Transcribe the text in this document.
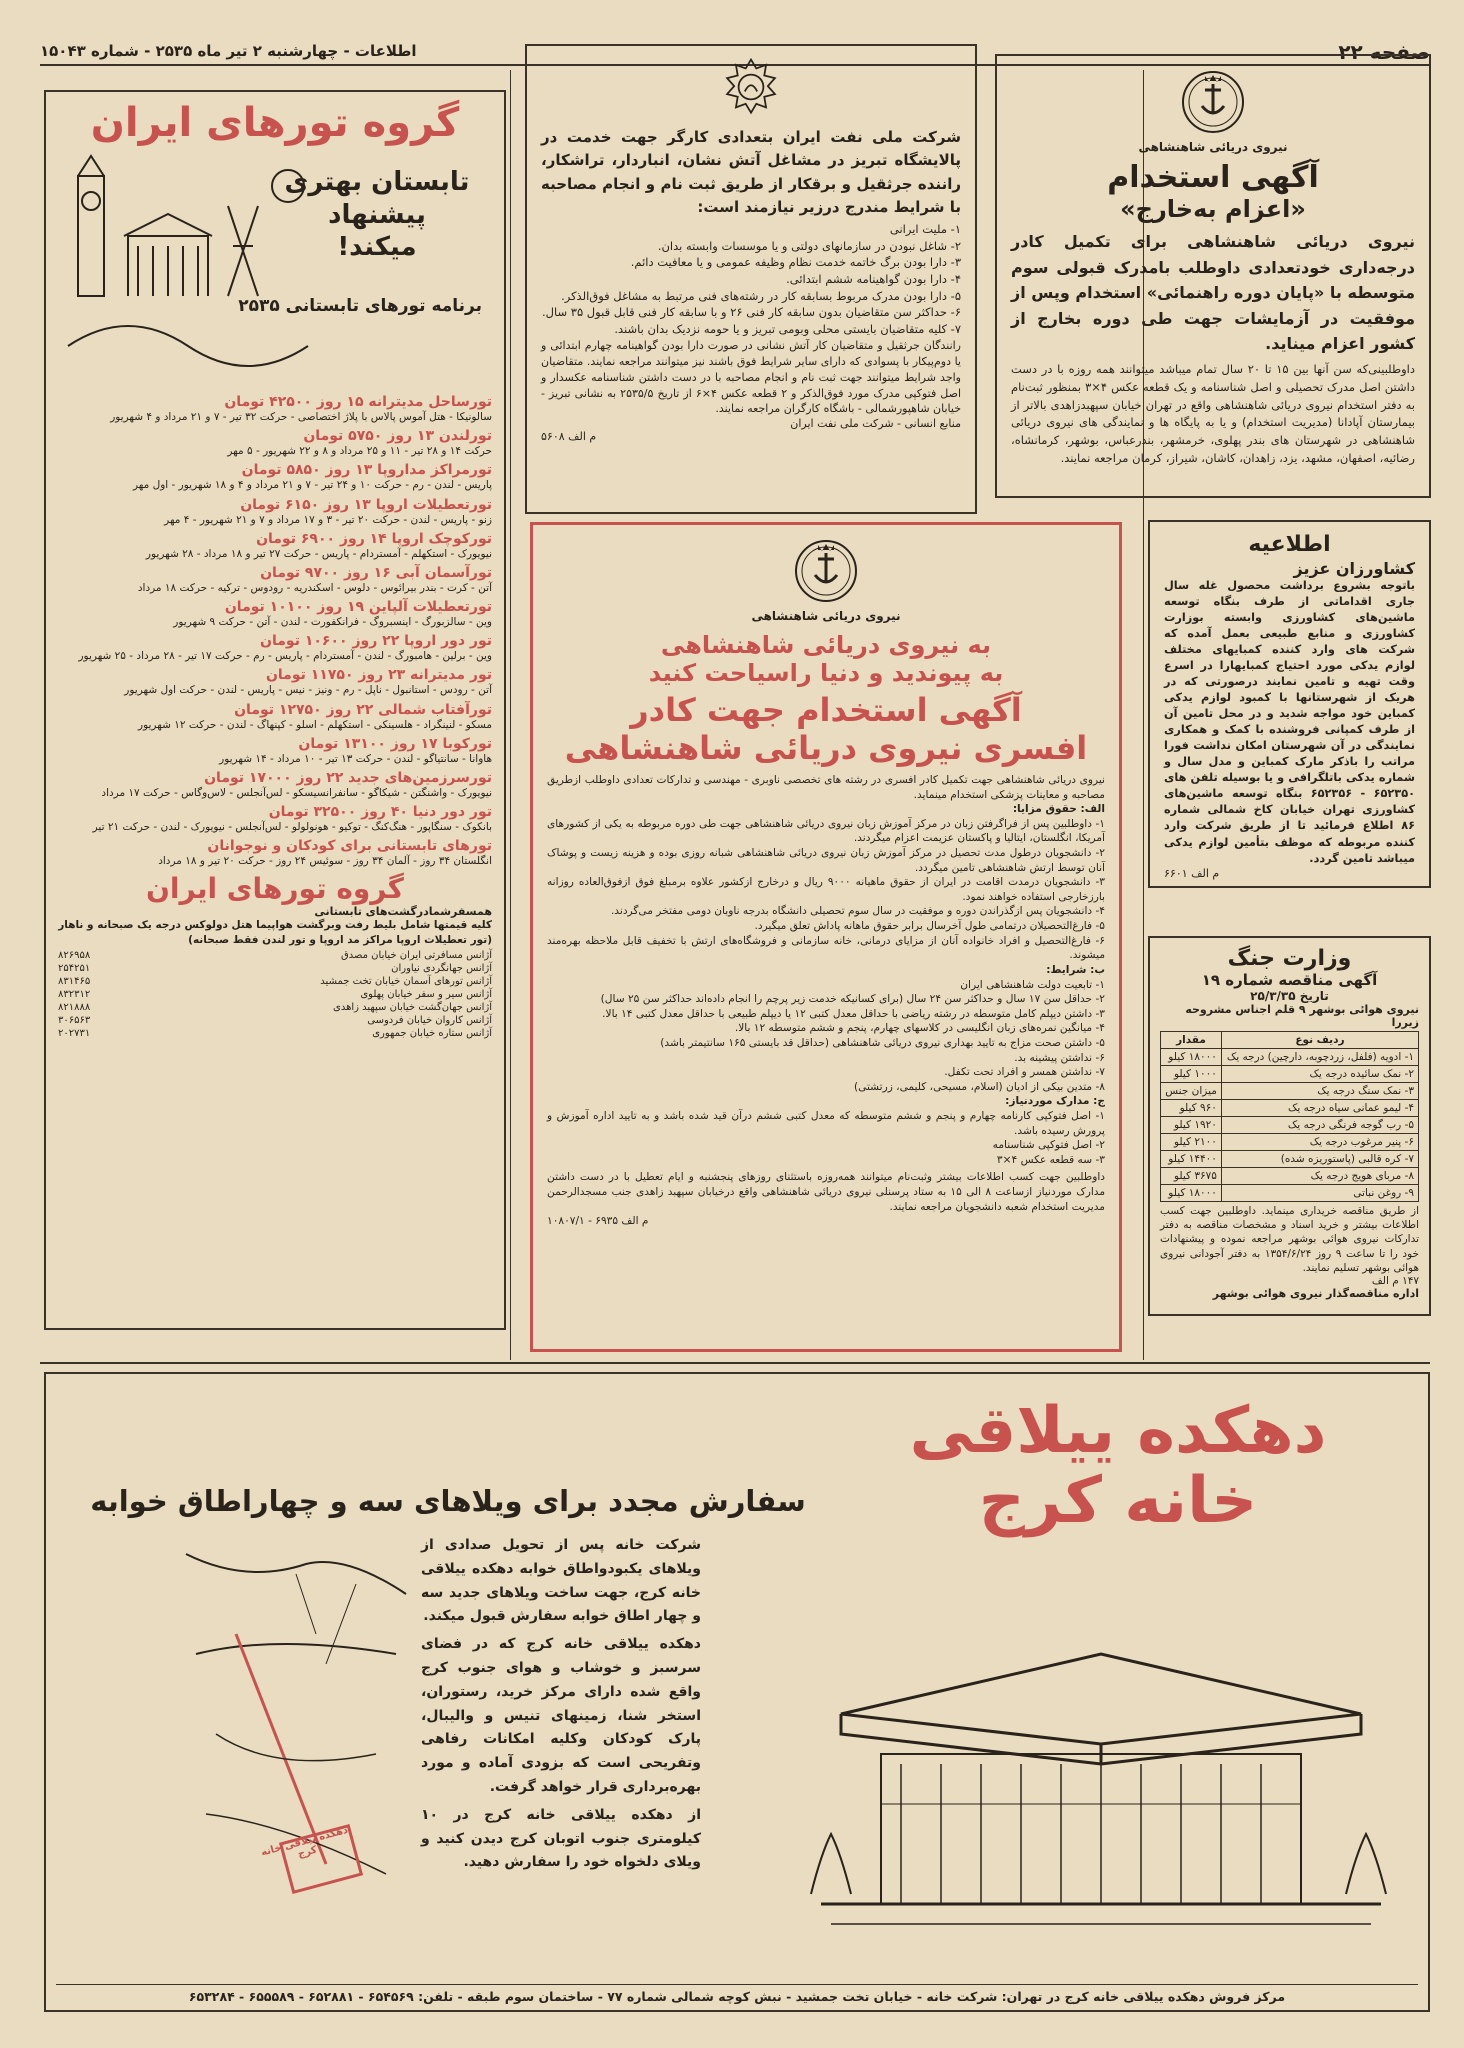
صفحه ۲۲
اطلاعات - چهارشنبه ۲ تیر ماه ۲۵۳۵ - شماره ۱۵۰۴۳

نیروی دریائی شاهنشاهی

آگهی استخدام

«اعزام به‌خارج»

نیروی دریائی شاهنشاهی برای تکمیل کادر درجه‌داری خودتعدادی داوطلب بامدرک قبولی سوم متوسطه با «پایان دوره راهنمائی» استخدام وپس از موفقیت در آزمایشات جهت طی دوره بخارج از کشور اعزام میناید.

داوطلبینی‌که سن آنها بین ۱۵ تا ۲۰ سال تمام میباشد میتوانند همه روزه با در دست داشتن اصل مدرک تحصیلی و اصل شناسنامه و یک قطعه عکس ۴×۳ بمنظور ثبت‌نام به دفتر استخدام نیروی دریائی شاهنشاهی واقع در تهران خیابان سپهبدزاهدی بالاتر از بیمارستان آپادانا (مدیریت استخدام) و یا به پایگاه ها و نمایندگی های نیروی دریائی شاهنشاهی در شهرستان های بندر پهلوی، خرمشهر، بندرعباس، بوشهر، کرمانشاه، رضائیه، اصفهان، مشهد، یزد، زاهدان، کاشان، شیراز، کرمان مراجعه نمایند.

شرکت ملی نفت ایران بتعدادی کارگر جهت خدمت در پالایشگاه تبریز در مشاغل آتش نشان، انباردار، تراشکار، راننده جرثقیل و برقکار از طریق ثبت نام و انجام مصاحبه با شرایط مندرج درزیر نیازمند است:

۱- ملیت ایرانی
۲- شاغل نبودن در سازمانهای دولتی و یا موسسات وابسته بدان.
۳- دارا بودن برگ خاتمه خدمت نظام وظیفه عمومی و یا معافیت دائم.
۴- دارا بودن گواهینامه ششم ابتدائی.
۵- دارا بودن مدرک مربوط بسابقه کار در رشته‌های فنی مرتبط به مشاغل فوق‌الذکر.
۶- حداکثر سن متقاضیان بدون سابقه کار فنی ۲۶ و با سابقه کار فنی قابل قبول ۳۵ سال.
۷- کلیه متقاضیان بایستی محلی وبومی تبریز و یا حومه نزدیک بدان باشند.

رانندگان جرثقیل و متقاضیان کار آتش نشانی در صورت دارا بودن گواهینامه چهارم ابتدائی و یا دوم‌پیکار با پسوادی که دارای سایر شرایط فوق باشند نیز میتوانند مراجعه نمایند. متقاضیان واجد شرایط میتوانند جهت ثبت نام و انجام مصاحبه با در دست داشتن شناسنامه عکسدار و اصل فتوکپی مدرک مورد فوق‌الذکر و ۲ قطعه عکس ۴×۶ از تاریخ ۲۵۳۵/۵ به نشانی تبریز - خیابان شاهپورشمالی - باشگاه کارگران مراجعه نمایند.

منابع انسانی - شرکت ملی نفت ایران

م الف ۵۶۰۸

اطلاعیه

کشاورزان عزیز

باتوجه بشروع برداشت محصول غله سال جاری اقداماتی از طرف بنگاه توسعه ماشین‌های کشاورزی وابسته بوزارت کشاورزی و منابع طبیعی بعمل آمده که شرکت های وارد کننده کمبایهای مختلف لوازم یدکی مورد احتیاج کمبایهارا در اسرع وقت تهیه و تامین نمایند درصورتی که در هریک از شهرستانها با کمبود لوازم یدکی کمباین خود مواجه شدید و در محل تامین آن از طرف کمپانی فروشنده با کمک و همکاری نمایندگی در آن شهرستان امکان نداشت فورا مراتب را باذکر مارک کمباین و مدل سال و شماره یدکی باتلگرافی و یا بوسیله تلفن های ۶۵۲۳۵۰ - ۶۵۲۳۵۶ بنگاه توسعه ماشین‌های کشاورزی تهران خیابان کاخ شمالی شماره ۸۶ اطلاع فرمائید تا از طریق شرکت وارد کننده مربوطه که موظف بتأمین لوازم یدکی میباشد تامین گردد.

م الف ۶۶۰۱

وزارت جنگ

آگهی مناقصه شماره ۱۹

تاریخ ۲۵/۳/۳۵

نیروی هوائی بوشهر ۹ قلم اجناس مشروحه زیررا

ردیف نوع	مقدار
۱- ادویه (فلفل، زردچوبه، دارچین) درجه یک	۱۸۰۰۰ کیلو
۲- نمک سائیده درجه یک	۱۰۰۰ کیلو
۳- نمک سنگ درجه یک	میزان جنس
۴- لیمو عمانی سیاه درجه یک	۹۶۰ کیلو
۵- رب گوجه فرنگی درجه یک	۱۹۲۰ کیلو
۶- پنیر مرغوب درجه یک	۲۱۰۰ کیلو
۷- کره قالبی (پاستوریزه شده)	۱۴۴۰۰ کیلو
۸- مربای هویج درجه یک	۳۶۷۵ کیلو
۹- روغن نباتی	۱۸۰۰۰ کیلو

از طریق مناقصه خریداری مینماید. داوطلبین جهت کسب اطلاعات بیشتر و خرید اسناد و مشخصات مناقصه به دفتر تدارکات نیروی هوائی بوشهر مراجعه نموده و پیشنهادات خود را تا ساعت ۹ روز ۱۳۵۴/۶/۲۴ به دفتر آجودانی نیروی هوائی بوشهر تسلیم نمایند.

۱۴۷ م الف

اداره مناقصه‌گذار نیروی هوائی بوشهر

نیروی دریائی شاهنشاهی

به نیروی دریائی شاهنشاهی

به پیوندید و دنیا راسیاحت کنید

آگهی استخدام جهت کادر

افسری نیروی دریائی شاهنشاهی

نیروی دریائی شاهنشاهی جهت تکمیل کادر افسری در رشته های تخصصی ناوبری - مهندسی و تدارکات تعدادی داوطلب ازطریق مصاحبه و معاینات پزشکی استخدام مینماید.

الف: حقوق مزایا:

۱- داوطلبین پس از فراگرفتن زبان در مرکز آموزش زبان نیروی دریائی شاهنشاهی جهت طی دوره مربوطه به یکی از کشورهای آمریکا، انگلستان، ایتالیا و پاکستان عزیمت اعزام میگردند.

۲- دانشجویان درطول مدت تحصیل در مرکز آموزش زبان نیروی دریائی شاهنشاهی شبانه روزی بوده و هزینه زیست و پوشاک آنان توسط ارتش شاهنشاهی تامین میگردد.

۳- دانشجویان درمدت اقامت در ایران از حقوق ماهیانه ۹۰۰۰ ریال و درخارج ازکشور علاوه برمبلغ فوق ازفوق‌العاده روزانه بارزخارجی استفاده خواهند نمود.

۴- دانشجویان پس ازگذراندن دوره و موفقیت در سال سوم تحصیلی دانشگاه بدرجه ناوبان دومی مفتخر می‌گردند.

۵- فارغ‌التحصیلان درتمامی طول آخرسال برابر حقوق ماهانه پاداش تعلق میگیرد.

۶- فارغ‌التحصیل و افراد خانواده آنان از مزایای درمانی، خانه سازمانی و فروشگاه‌های ارتش با تخفیف قابل ملاحظه بهره‌مند میشوند.

ب: شرایط:

۱- تابعیت دولت شاهنشاهی ایران

۲- حداقل سن ۱۷ سال و حداکثر سن ۲۴ سال (برای کسانیکه خدمت زیر پرچم را انجام داده‌اند حداکثر سن ۲۵ سال)

۳- داشتن دیپلم کامل متوسطه در رشته ریاضی با حداقل معدل کتبی ۱۲ یا دیپلم طبیعی با حداقل معدل کتبی ۱۴ بالا.

۴- میانگین نمره‌های زبان انگلیسی در کلاسهای چهارم، پنجم و ششم متوسطه ۱۲ بالا.

۵- داشتن صحت مزاج به تایید بهداری نیروی دریائی شاهنشاهی (حداقل قد بایستی ۱۶۵ سانتیمتر باشد)

۶- نداشتن پیشینه بد.

۷- نداشتن همسر و افراد تحت تکفل.

۸- متدین بیکی از ادیان (اسلام، مسیحی، کلیمی، زرتشتی)

ج: مدارک موردنیاز:

۱- اصل فتوکپی کارنامه چهارم و پنجم و ششم متوسطه که معدل کتبی ششم درآن قید شده باشد و به تایید اداره آموزش و پرورش رسیده باشد.

۲- اصل فتوکپی شناسنامه

۳- سه قطعه عکس ۴×۳

داوطلبین جهت کسب اطلاعات بیشتر وثبت‌نام میتوانند همه‌روزه باستثنای روزهای پنجشنبه و ایام تعطیل با در دست داشتن مدارک موردنیاز ازساعت ۸ الی ۱۵ به ستاد پرسنلی نیروی دریائی شاهنشاهی واقع درخیابان سپهبد زاهدی جنب مسجدالرحمن مدیریت استخدام شعبه دانشجویان مراجعه نمایند.

م الف ۶۹۳۵ - ۱۰۸۰۷/۱

گروه تورهای ایران

تابستان بهتری پیشنهاد
میکند!

برنامه تورهای تابستانی ۲۵۳۵

تورساحل مدیترانه ۱۵ روز ۴۲۵۰۰ تومان
سالونیکا - هتل آموس پالاس با پلاژ اختصاصی - حرکت ۳۲ تیر - ۷ و ۲۱ مرداد و ۴ شهریور
تورلندن ۱۳ روز ۵۷۵۰ تومان
حرکت ۱۴ و ۲۸ تیر - ۱۱ و ۲۵ مرداد و ۸ و ۲۲ شهریور - ۵ مهر
تورمراکز مداروپا ۱۳ روز ۵۸۵۰ تومان
پاریس - لندن - رم - حرکت ۱۰ و ۲۴ تیر - ۷ و ۲۱ مرداد و ۴ و ۱۸ شهریور - اول مهر
تورتعطیلات اروپا ۱۳ روز ۶۱۵۰ تومان
زنو - پاریس - لندن - حرکت ۲۰ تیر - ۳ و ۱۷ مرداد و ۷ و ۲۱ شهریور - ۴ مهر
تورکوچک اروپا ۱۴ روز ۶۹۰۰ تومان
نیویورک - استکهلم - آمستردام - پاریس - حرکت ۲۷ تیر و ۱۸ مرداد - ۲۸ شهریور
تورآسمان آبی ۱۶ روز ۹۷۰۰ تومان
آتن - کرت - بندر بیرائوس - دلوس - اسکندریه - رودوس - ترکیه - حرکت ۱۸ مرداد
تورتعطیلات آلپاین ۱۹ روز ۱۰۱۰۰ تومان
وین - سالزبورگ - اینسبروگ - فرانکفورت - لندن - آتن - حرکت ۹ شهریور
تور دور اروپا ۲۲ روز ۱۰۶۰۰ تومان
وین - برلین - هامبورگ - لندن - آمستردام - پاریس - رم - حرکت ۱۷ تیر - ۲۸ مرداد - ۲۵ شهریور
تور مدیترانه ۲۳ روز ۱۱۷۵۰ تومان
آتن - رودس - استانبول - ناپل - رم - ونیز - نیس - پاریس - لندن - حرکت اول شهریور
تورآفتاب شمالی ۲۲ روز ۱۲۷۵۰ تومان
مسکو - لنینگراد - هلسینکی - استکهلم - اسلو - کپنهاگ - لندن - حرکت ۱۲ شهریور
تورکوبا ۱۷ روز ۱۳۱۰۰ تومان
هاوانا - سانتیاگو - لندن - حرکت ۱۳ تیر - ۱۰ مرداد - ۱۴ شهریور
تورسرزمین‌های جدید ۲۲ روز ۱۷۰۰۰ تومان
نیویورک - واشنگتن - شیکاگو - سانفرانسیسکو - لس‌آنجلس - لاس‌وگاس - حرکت ۱۷ مرداد
تور دور دنیا ۴۰ روز ۳۲۵۰۰ تومان
بانکوک - سنگاپور - هنگ‌کنگ - توکیو - هونولولو - لس‌آنجلس - نیویورک - لندن - حرکت ۲۱ تیر
تورهای تابستانی برای کودکان و نوجوانان
انگلستان ۳۴ روز - آلمان ۳۴ روز - سوئیس ۲۴ روز - حرکت ۲۰ تیر و ۱۸ مرداد

گروه تورهای ایران

همسفرشمادرگشت‌های تابستانی

کلیه قیمتها شامل بلیط رفت وبرگشت هواپیما هتل دولوکس درجه یک صبحانه و ناهار (تور تعطیلات اروپا مراکز مد اروپا و تور لندن فقط صبحانه)

آژانس مسافرتی ایران خیابان مصدق
۸۲۶۹۵۸
آژانس جهانگردی نیاوران
۲۵۴۲۵۱
آژانس تورهای آسمان خیابان تخت جمشید
۸۳۱۴۶۵
آژانس سیر و سفر خیابان پهلوی
۸۳۲۳۱۲
آژانس جهان‌گشت خیابان سپهبد زاهدی
۸۲۱۸۸۸
آژانس کاروان خیابان فردوسی
۳۰۶۵۶۳
آژانس ستاره خیابان جمهوری
۲۰۲۷۳۱

دهکده ییلاقی

خانه کرج

سفارش مجدد برای ویلاهای سه و چهاراطاق خوابه

دهکده ییلاقی خانه کرج

شرکت خانه پس از تحویل صدادی از ویلاهای یکبودواطاق خوابه دهکده ییلاقی خانه کرج، جهت ساخت ویلاهای جدید سه و چهار اطاق خوابه سفارش قبول میکند.

دهکده ییلاقی خانه کرج که در فضای سرسبز و خوشاب و هوای جنوب کرج واقع شده دارای مرکز خرید، رستوران، استخر شنا، زمینهای تنیس و والیبال، پارک کودکان وکلیه امکانات رفاهی وتفریحی است که بزودی آماده و مورد بهره‌برداری قرار خواهد گرفت.

از دهکده ییلاقی خانه کرج در ۱۰ کیلومتری جنوب اتوبان کرج دیدن کنید و ویلای دلخواه خود را سفارش دهید.

مرکز فروش دهکده ییلاقی خانه کرج در تهران: شرکت خانه - خیابان تخت جمشید - نبش کوچه شمالی شماره ۷۷ - ساختمان سوم طبقه - تلفن: ۶۵۴۵۶۹ - ۶۵۲۸۸۱ - ۶۵۵۵۸۹ - ۶۵۳۲۸۴
